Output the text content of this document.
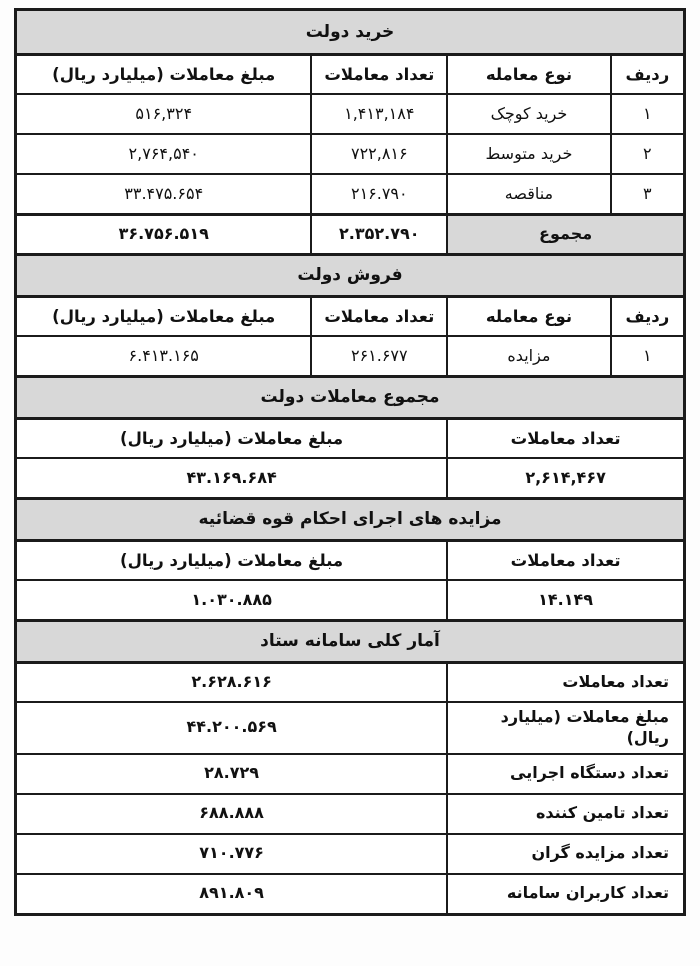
خرید دولت
ردیف
نوع معامله
تعداد معاملات
مبلغ معاملات (میلیارد ریال)
۱
خرید کوچک
۱,۴۱۳,۱۸۴
۵۱۶,۳۲۴
۲
خرید متوسط
۷۲۲,۸۱۶
۲,۷۶۴,۵۴۰
۳
مناقصه
۲۱۶.۷۹۰
۳۳.۴۷۵.۶۵۴
مجموع
۲.۳۵۲.۷۹۰
۳۶.۷۵۶.۵۱۹
فروش دولت
ردیف
نوع معامله
تعداد معاملات
مبلغ معاملات (میلیارد ریال)
۱
مزایده
۲۶۱.۶۷۷
۶.۴۱۳.۱۶۵
مجموع معاملات دولت
تعداد معاملات
مبلغ معاملات (میلیارد ریال)
۲,۶۱۴,۴۶۷
۴۳.۱۶۹.۶۸۴
مزایده های اجرای احکام قوه قضائیه
تعداد معاملات
مبلغ معاملات (میلیارد ریال)
۱۴.۱۴۹
۱.۰۳۰.۸۸۵
آمار کلی سامانه ستاد
تعداد معاملات
۲.۶۲۸.۶۱۶
مبلغ معاملات (میلیارد ریال)
۴۴.۲۰۰.۵۶۹
تعداد دستگاه اجرایی
۲۸.۷۲۹
تعداد تامین کننده
۶۸۸.۸۸۸
تعداد مزایده گران
۷۱۰.۷۷۶
تعداد کاربران سامانه
۸۹۱.۸۰۹
